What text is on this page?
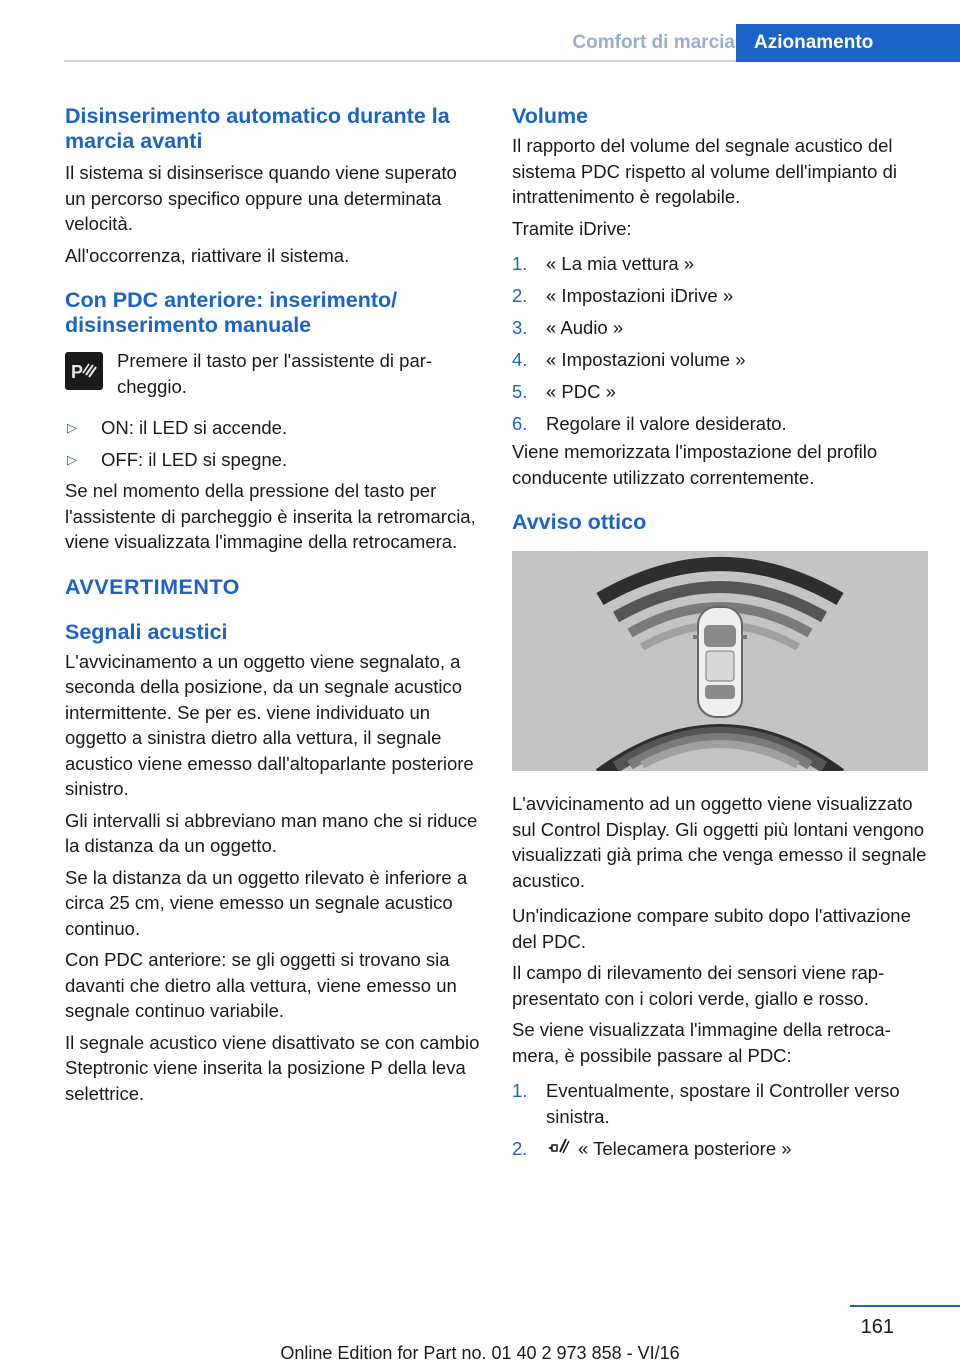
Comfort di marcia	Azionamento
Disinserimento automatico durante la marcia avanti

Il sistema si disinserisce quando viene superato un percorso specifico oppure una determinata velocità.

All'occorrenza, riattivare il sistema.

Con PDC anteriore: inserimento/ disinserimento manuale
P

Premere il tasto per l'assistente di parcheggio.

▷	ON: il LED si accende.
▷	OFF: il LED si spegne.

Se nel momento della pressione del tasto per l'assistente di parcheggio è inserita la retromarcia, viene visualizzata l'immagine della retrocamera.

AVVERTIMENTO
Segnali acustici

L'avvicinamento a un oggetto viene segnalato, a seconda della posizione, da un segnale acustico intermittente. Se per es. viene individuato un oggetto a sinistra dietro alla vettura, il segnale acustico viene emesso dall'altoparlante posteriore sinistro.

Gli intervalli si abbreviano man mano che si riduce la distanza da un oggetto.

Se la distanza da un oggetto rilevato è inferiore a circa 25 cm, viene emesso un segnale acustico continuo.

Con PDC anteriore: se gli oggetti si trovano sia davanti che dietro alla vettura, viene emesso un segnale continuo variabile.

Il segnale acustico viene disattivato se con cambio Steptronic viene inserita la posizione P della leva selettrice.

Volume

Il rapporto del volume del segnale acustico del sistema PDC rispetto al volume dell'impianto di intrattenimento è regolabile.

Tramite iDrive:

1.	« La mia vettura »
2.	« Impostazioni iDrive »
3.	« Audio »
4.	« Impostazioni volume »
5.	« PDC »
6.	Regolare il valore desiderato.

Viene memorizzata l'impostazione del profilo conducente utilizzato correntemente.

Avviso ottico

L'avvicinamento ad un oggetto viene visualizzato sul Control Display. Gli oggetti più lontani vengono visualizzati già prima che venga emesso il segnale acustico.

Un'indicazione compare subito dopo l'attivazione del PDC.

Il campo di rilevamento dei sensori viene rappresentato con i colori verde, giallo e rosso.

Se viene visualizzata l'immagine della retrocamera, è possibile passare al PDC:

1.	Eventualmente, spostare il Controller verso sinistra.
2.	« Telecamera posteriore »
161
Online Edition for Part no. 01 40 2 973 858 - VI/16
